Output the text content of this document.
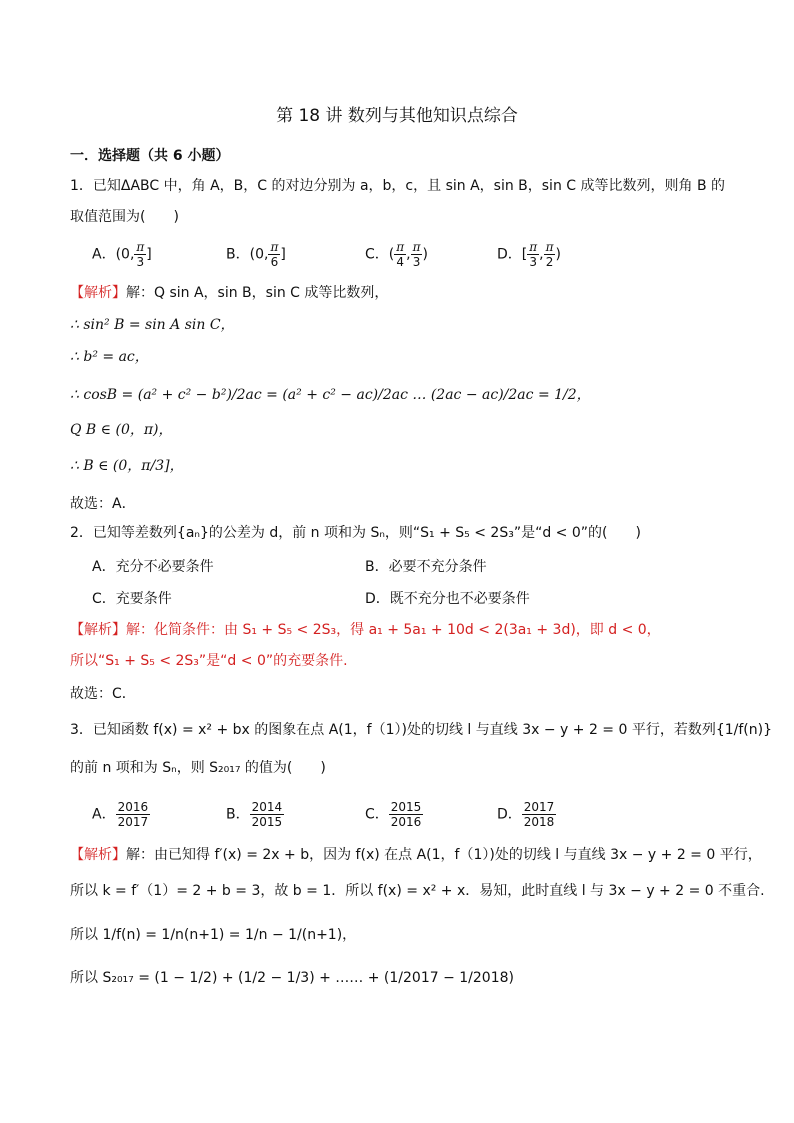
第 18 讲 数列与其他知识点综合
一．选择题（共 6 小题）
1．已知ΔABC 中，角 A，B，C 的对边分别为 a，b，c，且 sin A，sin B，sin C 成等比数列，则角 B 的
取值范围为(　　)
A．(0, $\frac{\pi}{3}$ ]	B．(0, $\frac{\pi}{6}$ ]	C．( $\frac{\pi}{4}$ , $\frac{\pi}{3}$ )	D．[ $\frac{\pi}{3}$ , $\frac{\pi}{2}$ )
【解析】解：Q sin A，sin B，sin C 成等比数列，
∴ sin² B = sin A sin C，
∴ b² = ac，
∴ cosB = (a² + c² − b²)/2ac = (a² + c² − ac)/2ac … (2ac − ac)/2ac = 1/2，
Q B ∈ (0，π)，
∴ B ∈ (0，π/3]，
故选：A．
2．已知等差数列{aₙ}的公差为 d，前 n 项和为 Sₙ，则“S₁ + S₅ < 2S₃”是“d < 0”的(　　)
A．充分不必要条件	B．必要不充分条件
C．充要条件	D．既不充分也不必要条件
【解析】解：化简条件：由 S₁ + S₅ < 2S₃，得 a₁ + 5a₁ + 10d < 2(3a₁ + 3d)，即 d < 0，
所以“S₁ + S₅ < 2S₃”是“d < 0”的充要条件.
故选：C．
3．已知函数 f(x) = x² + bx 的图象在点 A(1，f（1）)处的切线 l 与直线 3x − y + 2 = 0 平行，若数列{1/f(n)}
的前 n 项和为 Sₙ，则 S₂₀₁₇ 的值为(　　)
A． $\frac{2016}{2017}$	B． $\frac{2014}{2015}$	C． $\frac{2015}{2016}$	D． $\frac{2017}{2018}$
【解析】解：由已知得 f′(x) = 2x + b，因为 f(x) 在点 A(1，f（1）)处的切线 l 与直线 3x − y + 2 = 0 平行，
所以 k = f′（1）= 2 + b = 3，故 b = 1．所以 f(x) = x² + x．易知，此时直线 l 与 3x − y + 2 = 0 不重合.
所以 1/f(n) = 1/n(n+1) = 1/n − 1/(n+1)，
所以 S₂₀₁₇ = (1 − 1/2) + (1/2 − 1/3) + …… + (1/2017 − 1/2018)
